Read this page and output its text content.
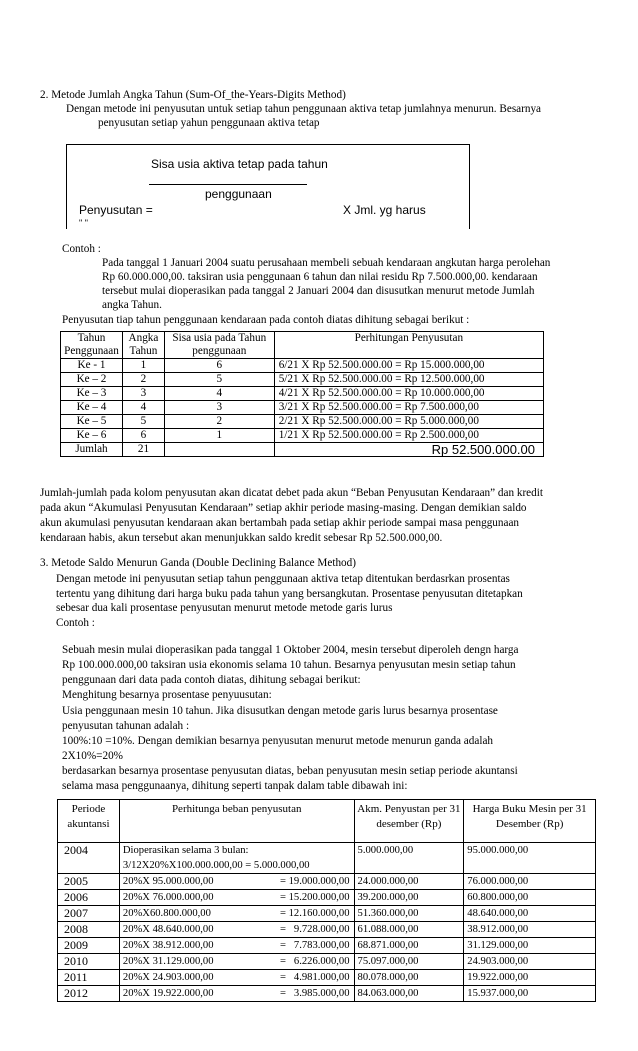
2. Metode Jumlah Angka Tahun (Sum-Of_the-Years-Digits Method)
Dengan metode ini penyusutan untuk setiap tahun penggunaan aktiva tetap jumlahnya menurun. Besarnya
penyusutan setiap yahun penggunaan aktiva tetap
Sisa usia aktiva tetap pada tahun
penggunaan
Penyusutan =	X Jml. yg harus
" "
Contoh :
Pada tanggal 1 Januari 2004 suatu perusahaan membeli sebuah kendaraan angkutan harga perolehan
Rp 60.000.000,00. taksiran usia penggunaan 6 tahun dan nilai residu Rp 7.500.000,00. kendaraan
tersebut mulai dioperasikan pada tanggal 2 Januari 2004 dan disusutkan menurut metode Jumlah
angka Tahun.
Penyusutan tiap tahun penggunaan kendaraan pada contoh diatas dihitung sebagai berikut :
Tahun Penggunaan	Angka Tahun	Sisa usia pada Tahun penggunaan	Perhitungan Penyusutan
Ke - 1	1	6	6/21 X Rp 52.500.000.00 = Rp 15.000.000,00
Ke – 2	2	5	5/21 X Rp 52.500.000.00 = Rp 12.500.000,00
Ke – 3	3	4	4/21 X Rp 52.500.000.00 = Rp 10.000.000,00
Ke – 4	4	3	3/21 X Rp 52.500.000.00 = Rp 7.500.000,00
Ke – 5	5	2	2/21 X Rp 52.500.000.00 = Rp 5.000.000,00
Ke – 6	6	1	1/21 X Rp 52.500.000.00 = Rp 2.500.000,00
Jumlah	21		Rp 52.500.000.00
Jumlah-jumlah pada kolom penyusutan akan dicatat debet pada akun “Beban Penyusutan Kendaraan” dan kredit
pada akun “Akumulasi Penyusutan Kendaraan” setiap akhir periode masing-masing. Dengan demikian saldo
akun akumulasi penyusutan kendaraan akan bertambah pada setiap akhir periode sampai masa penggunaan
kendaraan habis, akun tersebut akan menunjukkan saldo kredit sebesar Rp 52.500.000,00.
3. Metode Saldo Menurun Ganda (Double Declining Balance Method)
Dengan metode ini penyusutan setiap tahun penggunaan aktiva tetap ditentukan berdasrkan prosentas
tertentu yang dihitung dari harga buku pada tahun yang bersangkutan. Prosentase penyusutan ditetapkan
sebesar dua kali prosentase penyusutan menurut metode metode garis lurus
Contoh :
Sebuah mesin mulai dioperasikan pada tanggal 1 Oktober 2004, mesin tersebut diperoleh dengn harga
Rp 100.000.000,00 taksiran usia ekonomis selama 10 tahun. Besarnya penyusutan mesin setiap tahun
penggunaan dari data pada contoh diatas, dihitung sebagai berikut:
Menghitung besarnya prosentase penyuusutan:
Usia penggunaan mesin 10 tahun. Jika disusutkan dengan metode garis lurus besarnya prosentase
penyusutan tahunan adalah :
100%:10 =10%. Dengan demikian besarnya penyusutan menurut metode menurun ganda adalah
2X10%=20%
berdasarkan besarnya prosentase penyusutan diatas, beban penyusutan mesin setiap periode akuntansi
selama masa penggunaanya, dihitung seperti tanpak dalam table dibawah ini:
Periode akuntansi	Perhitunga beban penyusutan	Akm. Penyustan per 31 desember (Rp)	Harga Buku Mesin per 31 Desember (Rp)
2004	Dioperasikan selama 3 bulan:
3/12X20%X100.000.000,00 = 5.000.000,00	5.000.000,00	95.000.000,00
2005	20%X 95.000.000,00 = 19.000.000,00	24.000.000,00	76.000.000,00
2006	20%X 76.000.000,00 = 15.200.000,00	39.200.000,00	60.800.000,00
2007	20%X60.800.000,00 = 12.160.000,00	51.360.000,00	48.640.000,00
2008	20%X 48.640.000,00 =   9.728.000,00	61.088.000,00	38.912.000,00
2009	20%X 38.912.000,00 =   7.783.000,00	68.871.000,00	31.129.000,00
2010	20%X 31.129.000,00 =   6.226.000,00	75.097.000,00	24.903.000,00
2011	20%X 24.903.000,00 =   4.981.000,00	80.078.000,00	19.922.000,00
2012	20%X 19.922.000,00 =   3.985.000,00	84.063.000,00	15.937.000,00
